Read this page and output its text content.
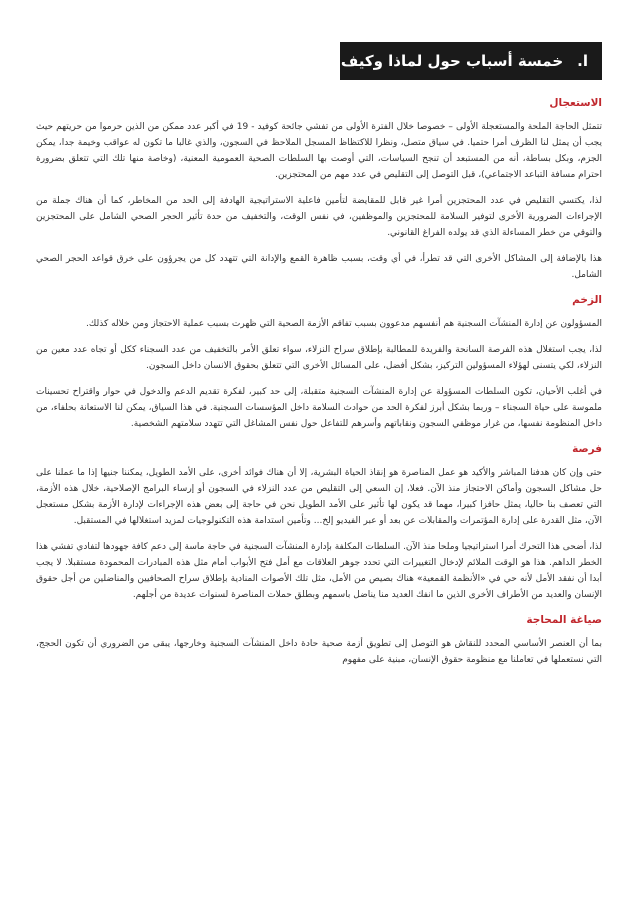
ا.
خمسة أسباب حول لماذا وكيف نتفاعل
الاستعجال

تتمثل الحاجة الملحة والمستعجلة الأولى – خصوصا خلال الفترة الأولى من تفشي جائحة كوفيد - 19 في أكبر عدد ممكن من الذين حرموا من حريتهم حيث يجب أن يمثل لنا الظرف أمرا حتميا. في سياق متصل، ونظرا للاكتظاظ المسجل الملاحظ في السجون، والذي غالبا ما تكون له عواقب وخيمة جدا، يمكن الجزم، وبكل بساطة، أنه من المستبعد أن تنجح السياسات، التي أوصت بها السلطات الصحية العمومية المعنية، (وخاصة منها تلك التي تتعلق بضرورة احترام مسافة التباعد الاجتماعي)، قبل التوصل إلى التقليص في عدد مهم من المحتجزين.

لذا، يكتسي التقليص في عدد المحتجزين أمرا غير قابل للمقايضة لتأمين فاعلية الاستراتيجية الهادفة إلى الحد من المخاطر، كما أن هناك جملة من الإجراءات الضرورية الأخرى لتوفير السلامة للمحتجزين والموظفين، في نفس الوقت، والتخفيف من حدة تأثير الحجر الصحي الشامل على المحتجزين والتوقي من خطر المساءلة الذي قد يولده الفراغ القانوني.

هذا بالإضافة إلى المشاكل الأخرى التي قد تطرأ، في أي وقت، بسبب ظاهرة القمع والإدانة التي تتهدد كل من يجرؤون على خرق قواعد الحجر الصحي الشامل.

الزخم

المسؤولون عن إدارة المنشآت السجنية هم أنفسهم مدعوون بسبب تفاقم الأزمة الصحية التي ظهرت بسبب عملية الاحتجاز ومن خلاله كذلك.

لذا، يجب استغلال هذه الفرصة السانحة والفريدة للمطالبة بإطلاق سراح النزلاء، سواء تعلق الأمر بالتخفيف من عدد السجناء ككل أو تجاه عدد معين من النزلاء، لكي يتسنى لهؤلاء المسؤولين التركيز، بشكل أفضل، على المسائل الأخرى التي تتعلق بحقوق الانسان داخل السجون.

في أغلب الأحيان، تكون السلطات المسؤولة عن إدارة المنشآت السجنية متقبلة، إلى حد كبير، لفكرة تقديم الدعم والدخول في حوار واقتراح تحسينات ملموسة على حياة السجناء – وربما بشكل أبرز لفكرة الحد من حوادث السلامة داخل المؤسسات السجنية. في هذا السياق، يمكن لنا الاستعانة بحلفاء، من داخل المنظومة نفسها، من غرار موظفي السجون ونقاباتهم وأسرهم للتفاعل حول نفس المشاغل التي تتهدد سلامتهم الشخصية.

فرصة

حتى وإن كان هدفنا المباشر والأكيد هو عمل المناصرة هو إنقاذ الحياة البشرية، إلا أن هناك فوائد أخرى، على الأمد الطويل، يمكننا جنيها إذا ما عملنا على حل مشاكل السجون وأماكن الاحتجاز منذ الآن. فعلا، إن السعي إلى التقليص من عدد النزلاء في السجون أو إرساء البرامج الإصلاحية، خلال هذه الأزمة، التي تعصف بنا حاليا، يمثل حافزا كبيرا، مهما قد يكون لها تأثير على الأمد الطويل نحن في حاجة إلى بعض هذه الإجراءات لإدارة الأزمة بشكل مستعجل الآن، مثل القدرة على إدارة المؤتمرات والمقابلات عن بعد أو عبر الفيديو إلخ... وتأمين استدامة هذه التكنولوجيات لمزيد استغلالها في المستقبل.

لذا، أضحى هذا التحرك أمرا استراتيجيا وملحا منذ الآن. السلطات المكلفة بإدارة المنشآت السجنية في حاجة ماسة إلى دعم كافة جهودها لتفادي تفشي هذا الخطر الداهم. هذا هو الوقت الملائم لإدخال التغييرات التي تحدد جوهر العلاقات مع أمل فتح الأبواب أمام مثل هذه المبادرات المحمودة مستقبلا. لا يجب أبدا أن نفقد الأمل لأنه حي في «الأنظمة القمعية» هناك بصيص من الأمل، مثل تلك الأصوات المنادية بإطلاق سراح الصحافيين والمناضلين من أجل حقوق الإنسان والعديد من الأطراف الأخرى الذين ما انفك العديد منا يناضل باسمهم وبطلق حملات المناصرة لسنوات عديدة من أجلهم.

صياغة المحاجة

بما أن العنصر الأساسي المحدد للنقاش هو التوصل إلى تطويق أزمة صحية حادة داخل المنشآت السجنية وخارجها، يبقى من الضروري أن تكون الحجج، التي نستعملها في تعاملنا مع منظومة حقوق الإنسان، مبنية على مفهوم
